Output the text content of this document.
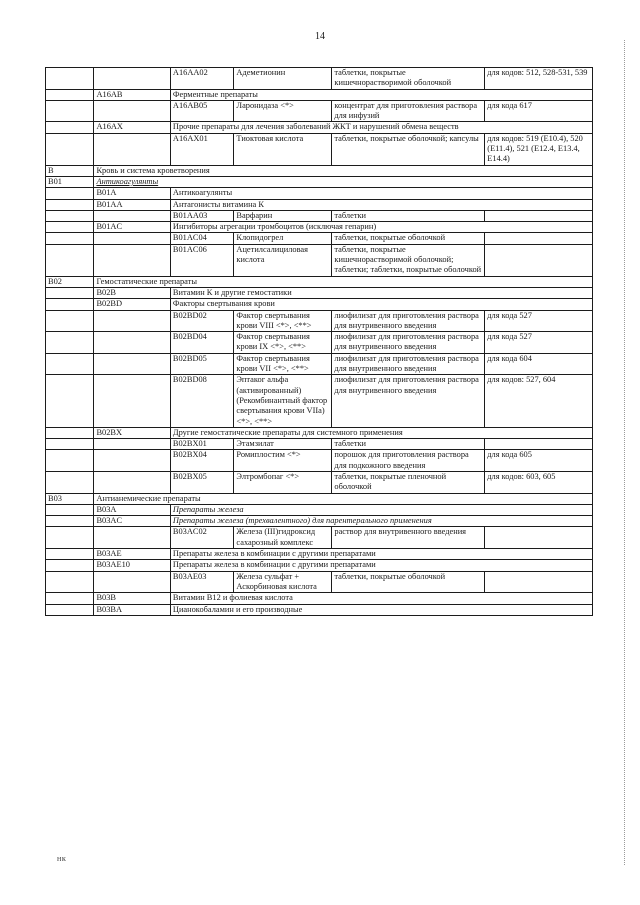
14
		A16AA02	Адеметионин	таблетки, покрытые кишечнорастворимой оболочкой	для кодов: 512, 528-531, 539
	A16AB	Ферментные препараты			
		A16AB05	Ларонидаза <*>	концентрат для приготовления раствора для инфузий	для кода 617
	A16AX	Прочие препараты для лечения заболеваний ЖКТ и нарушений обмена веществ			
		A16AX01	Тиоктовая кислота	таблетки, покрытые оболочкой; капсулы	для кодов: 519 (E10.4), 520 (E11.4), 521 (E12.4, E13.4, E14.4)
B	Кровь и система кроветворения				
B01	Антикоагулянты				
	B01A	Антикоагулянты			
	B01AA	Антагонисты витамина К			
		B01AA03	Варфарин	таблетки	
	B01AC	Ингибиторы агрегации тромбоцитов (исключая гепарин)			
		B01AC04	Клопидогрел	таблетки, покрытые оболочкой	
		B01AC06	Ацетилсалициловая кислота	таблетки, покрытые кишечнорастворимой оболочкой; таблетки; таблетки, покрытые оболочкой	
B02	Гемостатические препараты				
	B02B	Витамин К и другие гемостатики			
	B02BD	Факторы свертывания крови			
		B02BD02	Фактор свертывания крови VIII <*>, <**>	лиофилизат для приготовления раствора для внутривенного введения	для кода 527
		B02BD04	Фактор свертывания крови IX <*>, <**>	лиофилизат для приготовления раствора для внутривенного введения	для кода 527
		B02BD05	Фактор свертывания крови VII <*>, <**>	лиофилизат для приготовления раствора для внутривенного введения	для кода 604
		B02BD08	Эптаког альфа (активированный) (Рекомбинантный фактор свертывания крови VIIa) <*>, <**>	лиофилизат для приготовления раствора для внутривенного введения	для кодов: 527, 604
	B02BX	Другие гемостатические препараты для системного применения			
		B02BX01	Этамзилат	таблетки	
		B02BX04	Ромиплостим <*>	порошок для приготовления раствора для подкожного введения	для кода 605
		B02BX05	Элтромбопаг <*>	таблетки, покрытые пленочной оболочкой	для кодов: 603, 605
B03	Антианемические препараты				
	B03A	Препараты железа			
	B03AC	Препараты железа (трехвалентного) для парентерального применения			
		B03AC02	Железа (III)гидроксид сахарозный комплекс	раствор для внутривенного введения	
	B03AE	Препараты железа в комбинации с другими препаратами			
	B03AE10	Препараты железа в комбинации с другими препаратами			
		B03AE03	Железа сульфат + Аскорбиновая кислота	таблетки, покрытые оболочкой	
	B03B	Витамин B12 и фолиевая кислота			
	B03BA	Цианокобаламин и его производные			
НК
